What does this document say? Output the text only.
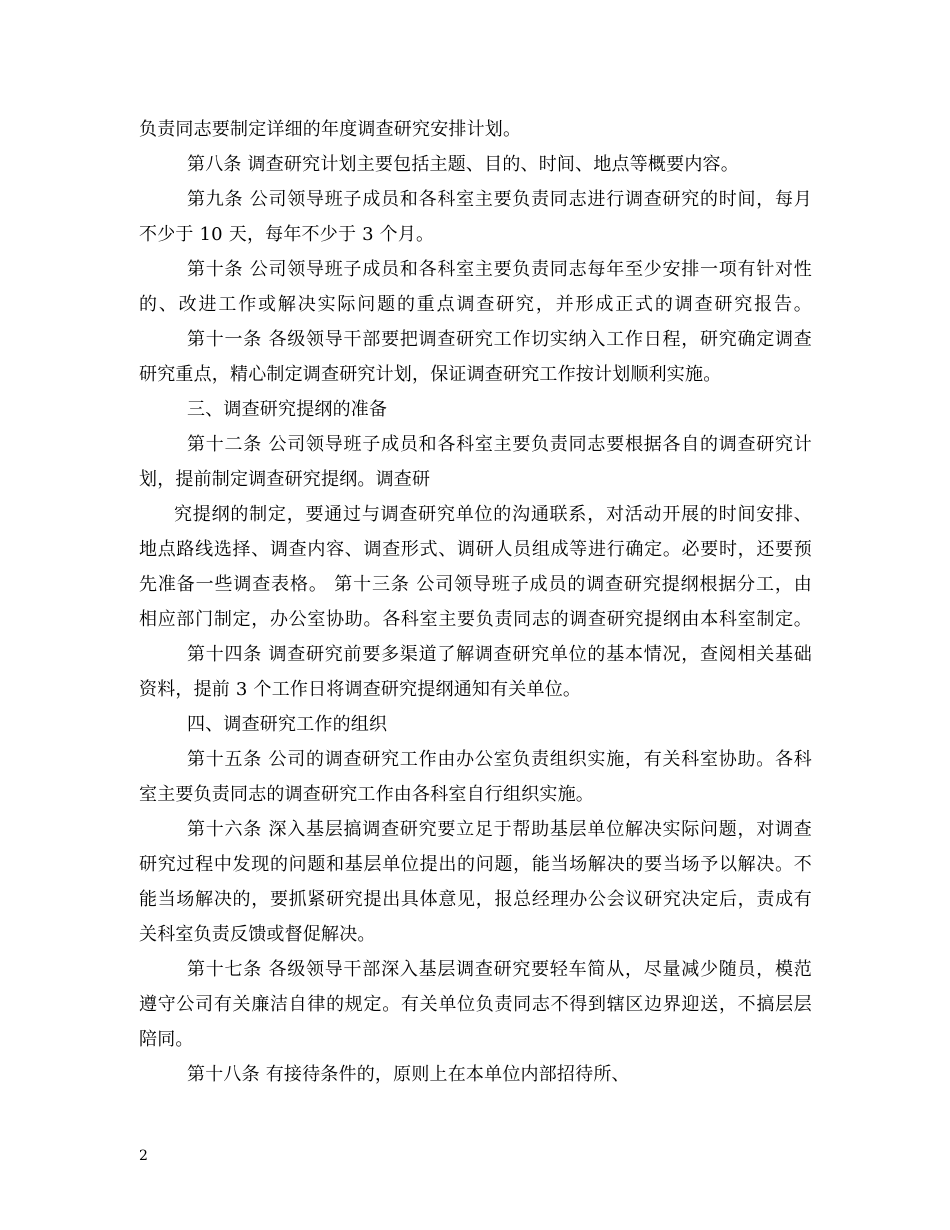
负责同志要制定详细的年度调查研究安排计划。
第八条 调查研究计划主要包括主题、目的、时间、地点等概要内容。
第九条 公司领导班子成员和各科室主要负责同志进行调查研究的时间，每月
不少于 10 天，每年不少于 3 个月。
第十条 公司领导班子成员和各科室主要负责同志每年至少安排一项有针对性
的、改进工作或解决实际问题的重点调查研究，并形成正式的调查研究报告。
第十一条 各级领导干部要把调查研究工作切实纳入工作日程，研究确定调查
研究重点，精心制定调查研究计划，保证调查研究工作按计划顺利实施。
三、调查研究提纲的准备
第十二条 公司领导班子成员和各科室主要负责同志要根据各自的调查研究计
划，提前制定调查研究提纲。调查研
究提纲的制定，要通过与调查研究单位的沟通联系，对活动开展的时间安排、
地点路线选择、调查内容、调查形式、调研人员组成等进行确定。必要时，还要预
先准备一些调查表格。 第十三条 公司领导班子成员的调查研究提纲根据分工，由
相应部门制定，办公室协助。各科室主要负责同志的调查研究提纲由本科室制定。
第十四条 调查研究前要多渠道了解调查研究单位的基本情况，查阅相关基础
资料，提前 3 个工作日将调查研究提纲通知有关单位。
四、调查研究工作的组织
第十五条 公司的调查研究工作由办公室负责组织实施，有关科室协助。各科
室主要负责同志的调查研究工作由各科室自行组织实施。
第十六条 深入基层搞调查研究要立足于帮助基层单位解决实际问题，对调查
研究过程中发现的问题和基层单位提出的问题，能当场解决的要当场予以解决。不
能当场解决的，要抓紧研究提出具体意见，报总经理办公会议研究决定后，责成有
关科室负责反馈或督促解决。
第十七条 各级领导干部深入基层调查研究要轻车简从，尽量减少随员，模范
遵守公司有关廉洁自律的规定。有关单位负责同志不得到辖区边界迎送，不搞层层
陪同。
第十八条 有接待条件的，原则上在本单位内部招待所、
2
